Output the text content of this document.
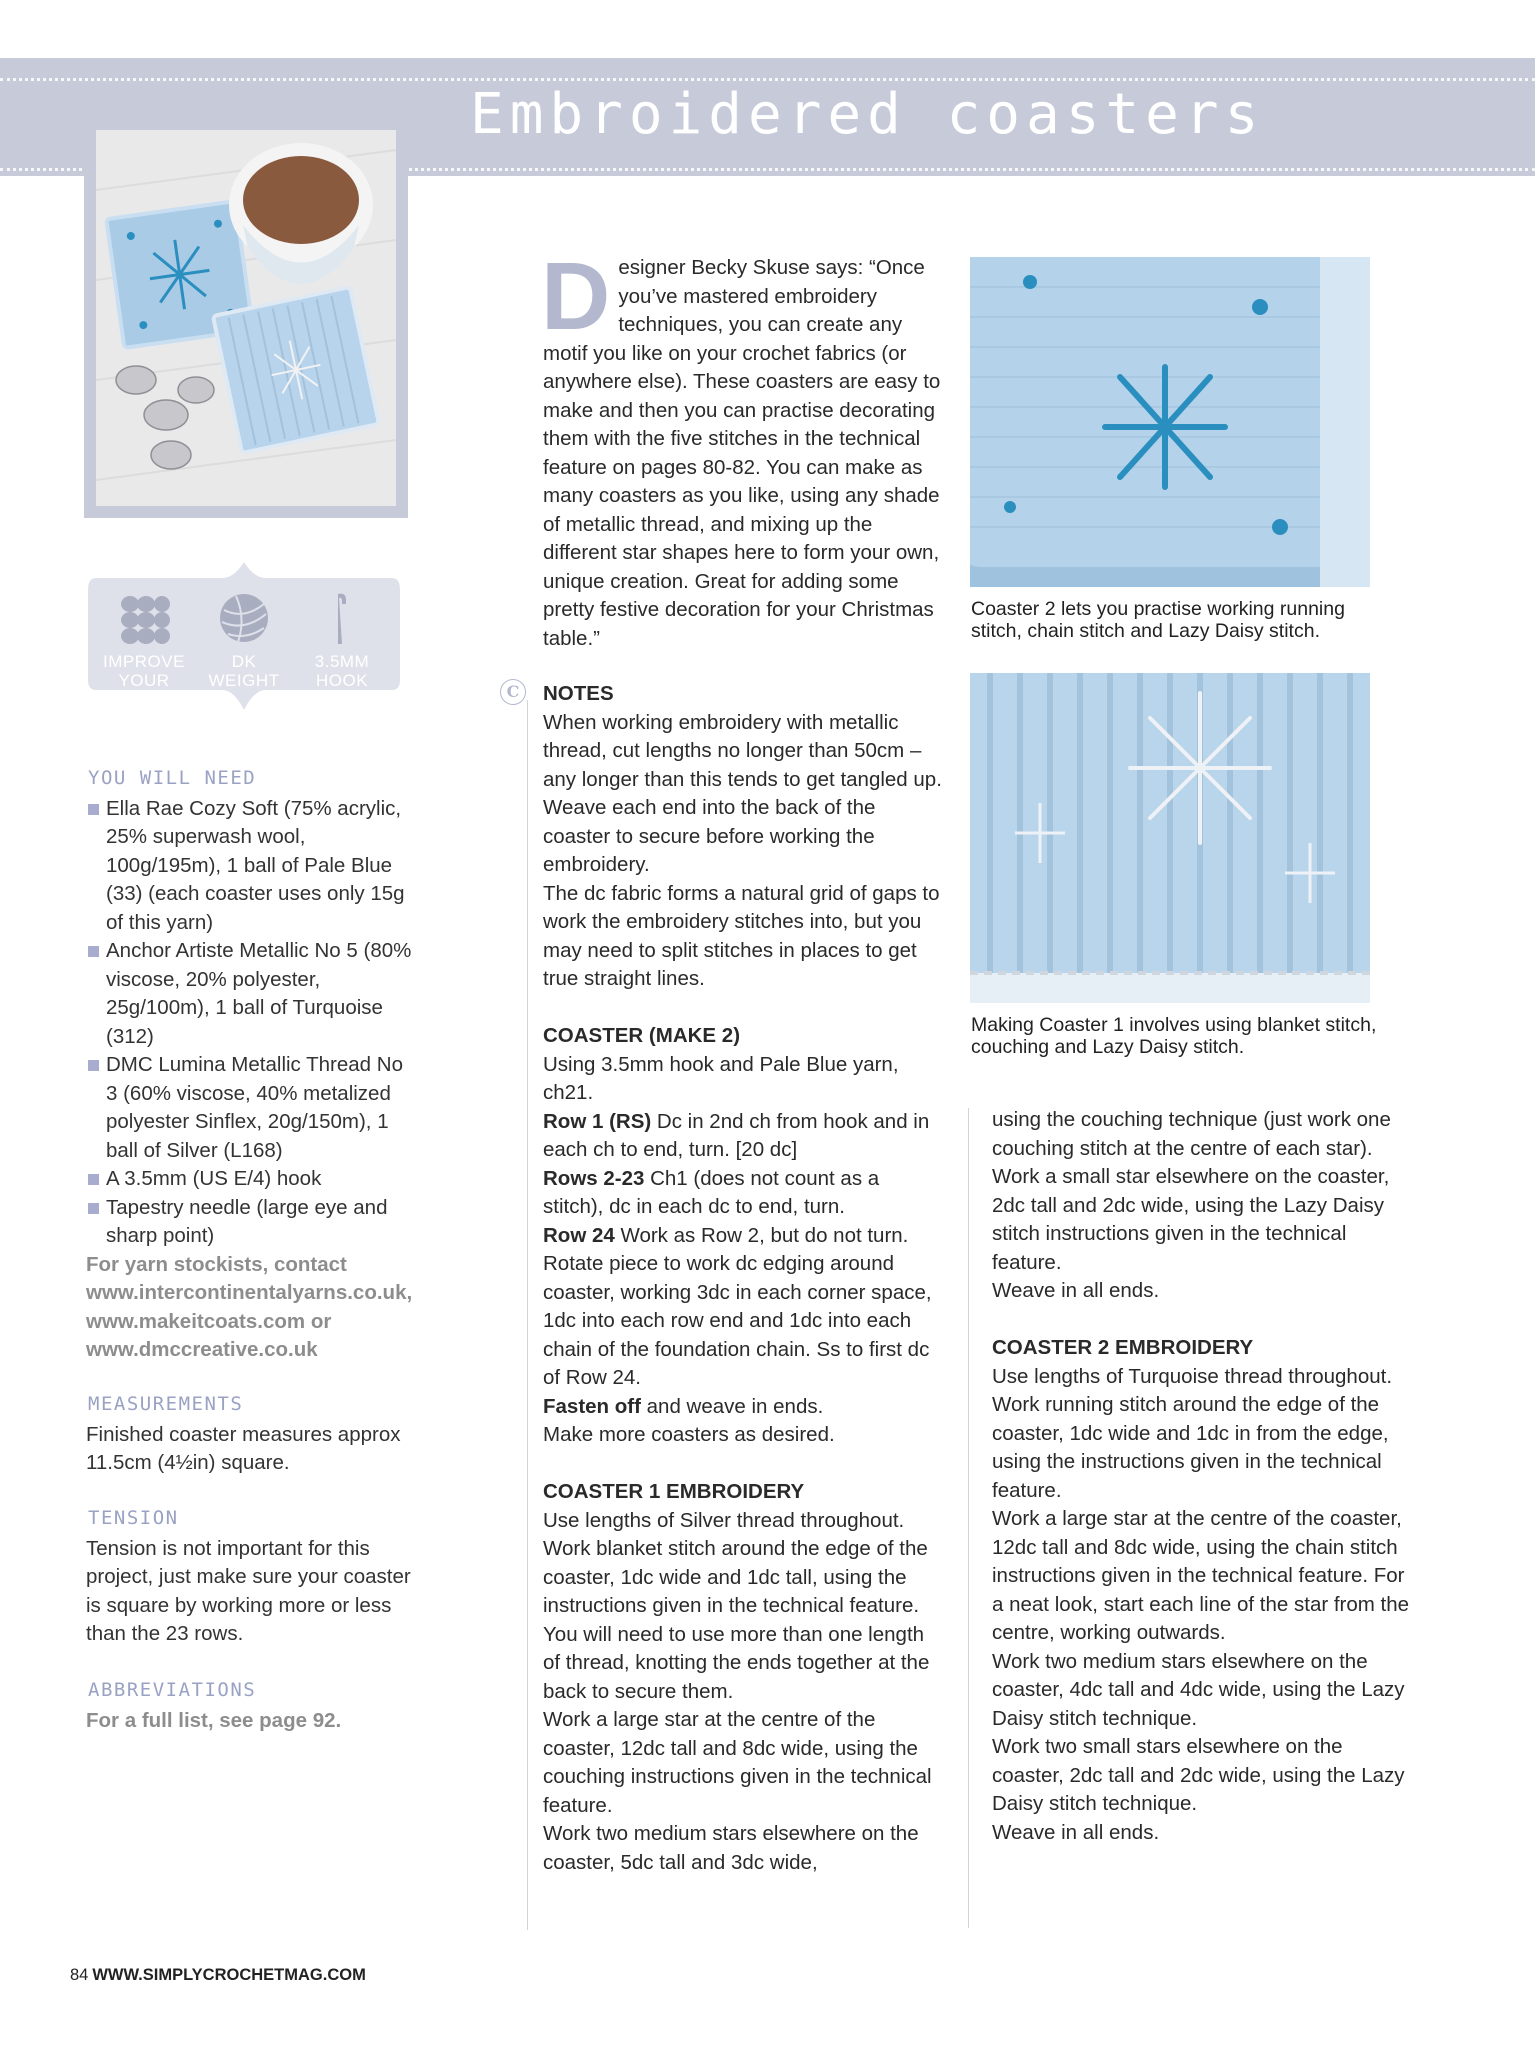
Embroidered coasters
IMPROVE
YOUR SKILLS
DK
WEIGHT
3.5MM
HOOK
YOU WILL NEED
Ella Rae Cozy Soft (75% acrylic, 25% superwash wool, 100g/195m), 1 ball of Pale Blue (33) (each coaster uses only 15g of this yarn)
Anchor Artiste Metallic No 5 (80% viscose, 20% polyester, 25g/100m), 1 ball of Turquoise (312)
DMC Lumina Metallic Thread No 3 (60% viscose, 40% metalized polyester Sinflex, 20g/150m), 1 ball of Silver (L168)
A 3.5mm (US E/4) hook
Tapestry needle (large eye and sharp point)

For yarn stockists, contact www.intercontinentalyarns.co.uk, www.makeitcoats.com or www.dmccreative.co.uk

MEASUREMENTS

Finished coaster measures approx 11.5cm (4½in) square.

TENSION

Tension is not important for this project, just make sure your coaster is square by working more or less than the 23 rows.

ABBREVIATIONS

For a full list, see page 92.

C
D esigner Becky Skuse says: “Once you’ve mastered embroidery techniques, you can create any motif you like on your crochet fabrics (or anywhere else). These coasters are easy to make and then you can practise decorating them with the five stitches in the technical feature on pages 80-82. You can make as many coasters as you like, using any shade of metallic thread, and mixing up the different star shapes here to form your own, unique creation. Great for adding some pretty festive decoration for your Christmas table.”

NOTES

When working embroidery with metallic thread, cut lengths no longer than 50cm – any longer than this tends to get tangled up. Weave each end into the back of the coaster to secure before working the embroidery.

The dc fabric forms a natural grid of gaps to work the embroidery stitches into, but you may need to split stitches in places to get true straight lines.

COASTER (MAKE 2)

Using 3.5mm hook and Pale Blue yarn, ch21.

Row 1 (RS) Dc in 2nd ch from hook and in each ch to end, turn. [20 dc]

Rows 2-23 Ch1 (does not count as a stitch), dc in each dc to end, turn.

Row 24 Work as Row 2, but do not turn. Rotate piece to work dc edging around coaster, working 3dc in each corner space, 1dc into each row end and 1dc into each chain of the foundation chain. Ss to first dc of Row 24.

Fasten off and weave in ends.

Make more coasters as desired.

COASTER 1 EMBROIDERY

Use lengths of Silver thread throughout.

Work blanket stitch around the edge of the coaster, 1dc wide and 1dc tall, using the instructions given in the technical feature. You will need to use more than one length of thread, knotting the ends together at the back to secure them.

Work a large star at the centre of the coaster, 12dc tall and 8dc wide, using the couching instructions given in the technical feature.

Work two medium stars elsewhere on the coaster, 5dc tall and 3dc wide,

Coaster 2 lets you practise working running stitch, chain stitch and Lazy Daisy stitch.
Making Coaster 1 involves using blanket stitch, couching and Lazy Daisy stitch.

using the couching technique (just work one couching stitch at the centre of each star).

Work a small star elsewhere on the coaster, 2dc tall and 2dc wide, using the Lazy Daisy stitch instructions given in the technical feature.

Weave in all ends.

COASTER 2 EMBROIDERY

Use lengths of Turquoise thread throughout.

Work running stitch around the edge of the coaster, 1dc wide and 1dc in from the edge, using the instructions given in the technical feature.

Work a large star at the centre of the coaster, 12dc tall and 8dc wide, using the chain stitch instructions given in the technical feature. For a neat look, start each line of the star from the centre, working outwards.

Work two medium stars elsewhere on the coaster, 4dc tall and 4dc wide, using the Lazy Daisy stitch technique.

Work two small stars elsewhere on the coaster, 2dc tall and 2dc wide, using the Lazy Daisy stitch technique.

Weave in all ends.

84 WWW.SIMPLYCROCHETMAG.COM
